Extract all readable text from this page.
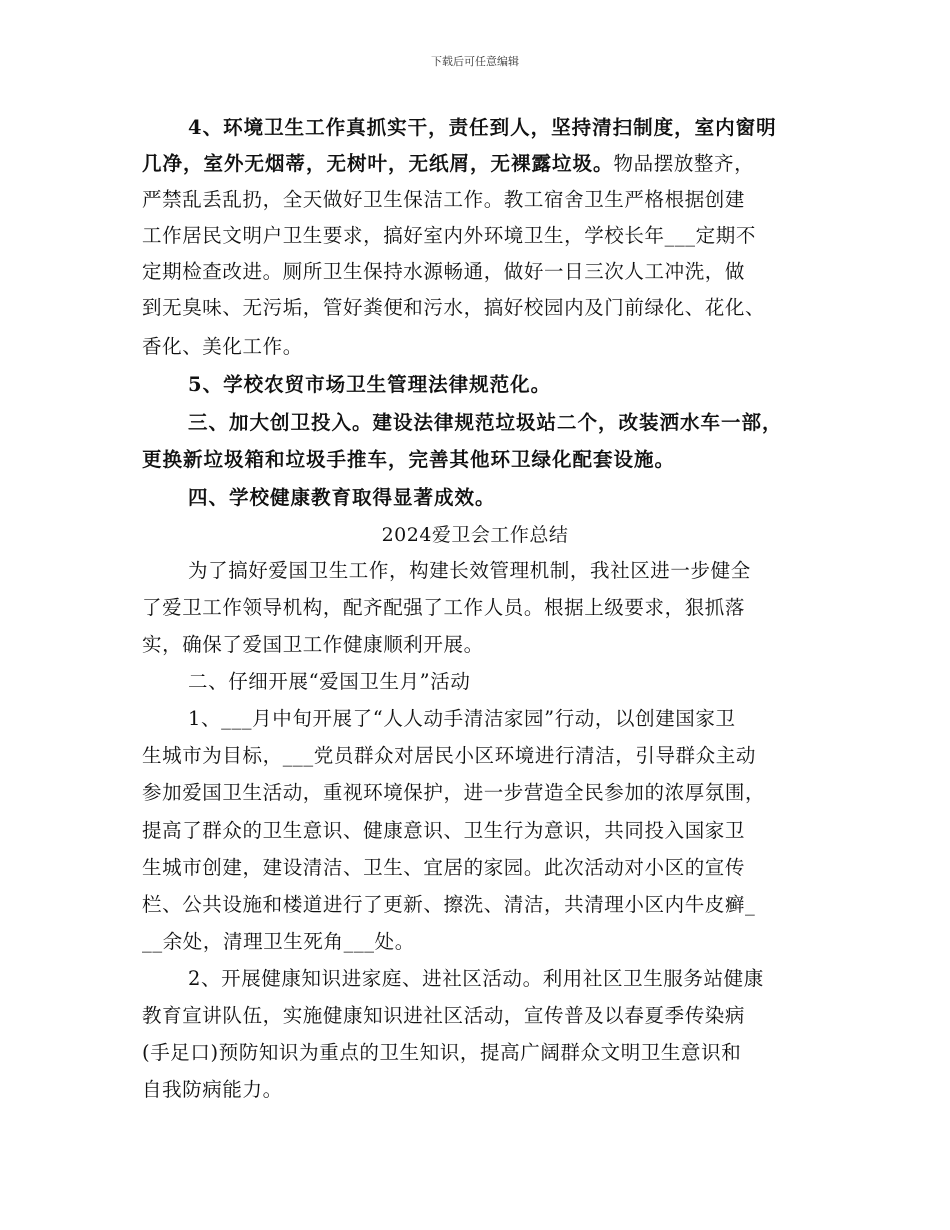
下载后可任意编辑
4、环境卫生工作真抓实干，责任到人，坚持清扫制度，室内窗明
几净，室外无烟蒂，无树叶，无纸屑，无裸露垃圾。物品摆放整齐，
严禁乱丢乱扔，全天做好卫生保洁工作。教工宿舍卫生严格根据创建
工作居民文明户卫生要求，搞好室内外环境卫生，学校长年___定期不
定期检查改进。厕所卫生保持水源畅通，做好一日三次人工冲洗，做
到无臭味、无污垢，管好粪便和污水，搞好校园内及门前绿化、花化、
香化、美化工作。
5、学校农贸市场卫生管理法律规范化。
三、加大创卫投入。建设法律规范垃圾站二个，改装洒水车一部，
更换新垃圾箱和垃圾手推车，完善其他环卫绿化配套设施。
四、学校健康教育取得显著成效。
2024爱卫会工作总结
为了搞好爱国卫生工作，构建长效管理机制，我社区进一步健全
了爱卫工作领导机构，配齐配强了工作人员。根据上级要求，狠抓落
实，确保了爱国卫工作健康顺利开展。
二、仔细开展“爱国卫生月”活动
1、___月中旬开展了“人人动手清洁家园”行动，以创建国家卫
生城市为目标，___党员群众对居民小区环境进行清洁，引导群众主动
参加爱国卫生活动，重视环境保护，进一步营造全民参加的浓厚氛围，
提高了群众的卫生意识、健康意识、卫生行为意识，共同投入国家卫
生城市创建，建设清洁、卫生、宜居的家园。此次活动对小区的宣传
栏、公共设施和楼道进行了更新、擦洗、清洁，共清理小区内牛皮癣_
__余处，清理卫生死角___处。
2、开展健康知识进家庭、进社区活动。利用社区卫生服务站健康
教育宣讲队伍，实施健康知识进社区活动，宣传普及以春夏季传染病
(手足口)预防知识为重点的卫生知识，提高广阔群众文明卫生意识和
自我防病能力。
